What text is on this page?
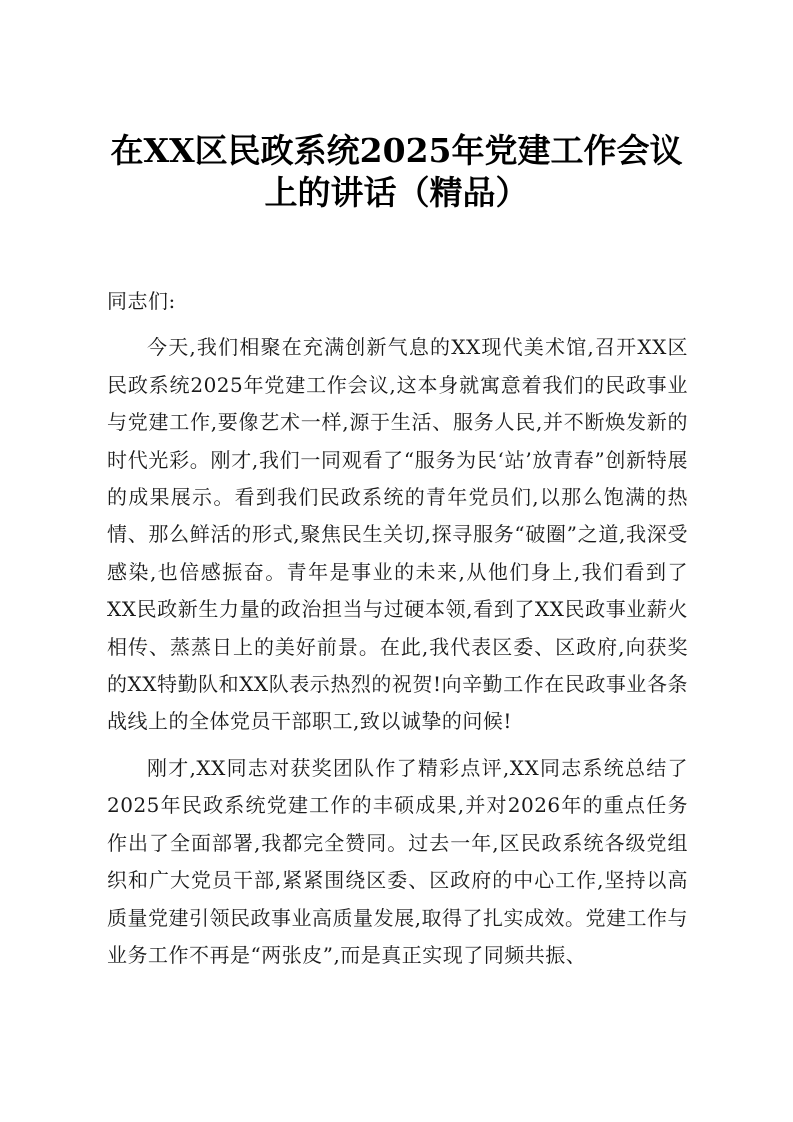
在XX区民政系统2025年党建工作会议上的讲话（精品）

同志们:

今天,我们相聚在充满创新气息的XX现代美术馆,召开XX区民政系统2025年党建工作会议,这本身就寓意着我们的民政事业与党建工作,要像艺术一样,源于生活、服务人民,并不断焕发新的时代光彩。刚才,我们一同观看了“服务为民‘站’放青春”创新特展的成果展示。看到我们民政系统的青年党员们,以那么饱满的热情、那么鲜活的形式,聚焦民生关切,探寻服务“破圈”之道,我深受感染,也倍感振奋。青年是事业的未来,从他们身上,我们看到了XX民政新生力量的政治担当与过硬本领,看到了XX民政事业薪火相传、蒸蒸日上的美好前景。在此,我代表区委、区政府,向获奖的XX特勤队和XX队表示热烈的祝贺!向辛勤工作在民政事业各条战线上的全体党员干部职工,致以诚挚的问候!

刚才,XX同志对获奖团队作了精彩点评,XX同志系统总结了2025年民政系统党建工作的丰硕成果,并对2026年的重点任务作出了全面部署,我都完全赞同。过去一年,区民政系统各级党组织和广大党员干部,紧紧围绕区委、区政府的中心工作,坚持以高质量党建引领民政事业高质量发展,取得了扎实成效。党建工作与业务工作不再是“两张皮”,而是真正实现了同频共振、
